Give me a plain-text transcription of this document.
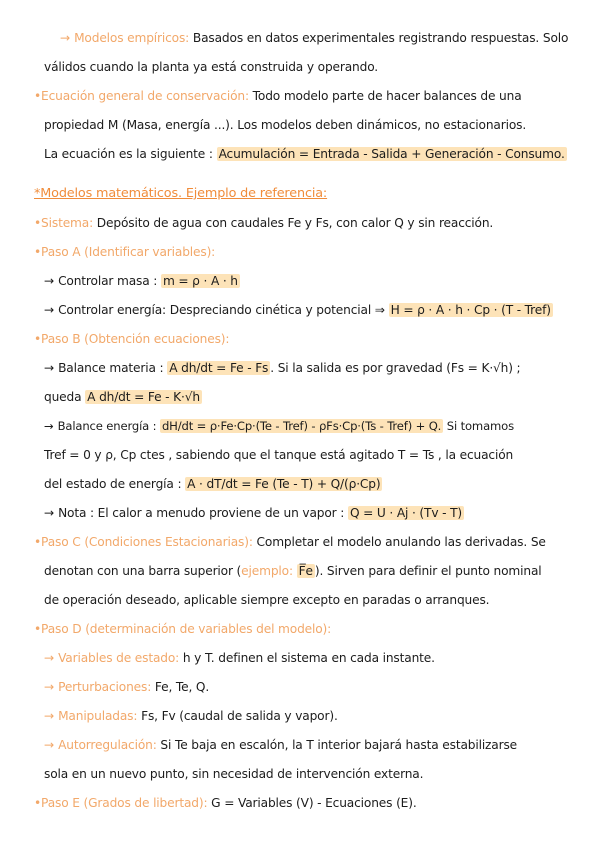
→ Modelos empíricos: Basados en datos experimentales registrando respuestas. Solo
válidos cuando la planta ya está construida y operando.
•Ecuación general de conservación: Todo modelo parte de hacer balances de una
propiedad M (Masa, energía ...). Los modelos deben dinámicos, no estacionarios.
La ecuación es la siguiente : Acumulación = Entrada - Salida + Generación - Consumo.
*Modelos matemáticos. Ejemplo de referencia:
•Sistema: Depósito de agua con caudales Fe y Fs, con calor Q y sin reacción.
•Paso A (Identificar variables):
→ Controlar masa : m = ρ · A · h
→ Controlar energía: Despreciando cinética y potencial ⇒ H = ρ · A · h · Cp · (T - Tref)
•Paso B (Obtención ecuaciones):
→ Balance materia : A dh/dt = Fe - Fs . Si la salida es por gravedad (Fs = K·√h) ;
queda A dh/dt = Fe - K·√h
→ Balance energía : dH/dt = ρ·Fe·Cp·(Te - Tref) - ρFs·Cp·(Ts - Tref) + Q. Si tomamos
Tref = 0 y ρ, Cp ctes , sabiendo que el tanque está agitado T = Ts , la ecuación
del estado de energía : A · dT/dt = Fe (Te - T) + Q/(ρ·Cp)
→ Nota : El calor a menudo proviene de un vapor : Q = U · Aj · (Tv - T)
•Paso C (Condiciones Estacionarias): Completar el modelo anulando las derivadas. Se
denotan con una barra superior (ejemplo: F̅e ). Sirven para definir el punto nominal
de operación deseado, aplicable siempre excepto en paradas o arranques.
•Paso D (determinación de variables del modelo):
→ Variables de estado: h y T. definen el sistema en cada instante.
→ Perturbaciones: Fe, Te, Q.
→ Manipuladas: Fs, Fv (caudal de salida y vapor).
→ Autorregulación: Si Te baja en escalón, la T interior bajará hasta estabilizarse
sola en un nuevo punto, sin necesidad de intervención externa.
•Paso E (Grados de libertad): G = Variables (V) - Ecuaciones (E).
